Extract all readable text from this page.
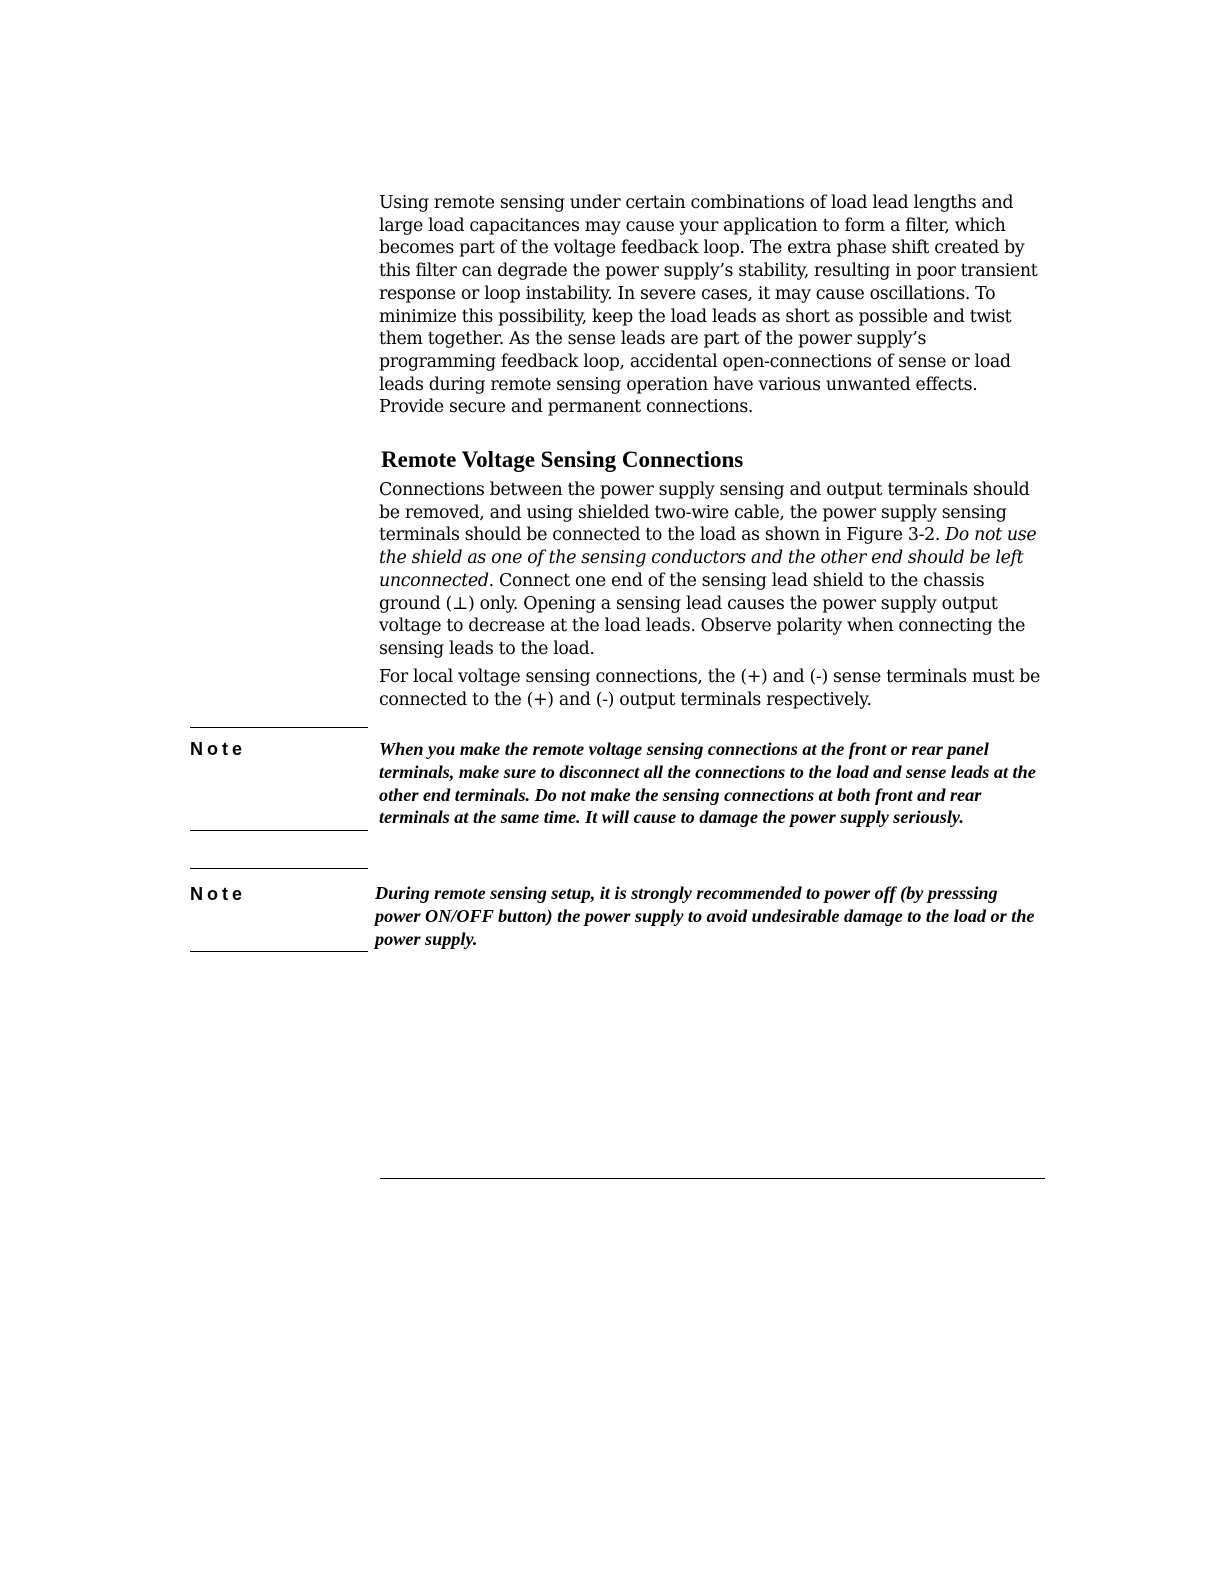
Using remote sensing under certain combinations of load lead lengths and large load capacitances may cause your application to form a filter, which becomes part of the voltage feedback loop. The extra phase shift created by this filter can degrade the power supply’s stability, resulting in poor transient response or loop instability. In severe cases, it may cause oscillations. To minimize this possibility, keep the load leads as short as possible and twist them together. As the sense leads are part of the power supply’s programming feedback loop, accidental open-connections of sense or load leads during remote sensing operation have various unwanted effects. Provide secure and permanent connections.

Remote Voltage Sensing Connections

Connections between the power supply sensing and output terminals should be removed, and using shielded two-wire cable, the power supply sensing terminals should be connected to the load as shown in Figure 3-2. Do not use the shield as one of the sensing conductors and the other end should be left unconnected. Connect one end of the sensing lead shield to the chassis ground (⊥) only. Opening a sensing lead causes the power supply output voltage to decrease at the load leads. Observe polarity when connecting the sensing leads to the load.

For local voltage sensing connections, the (+) and (-) sense terminals must be connected to the (+) and (-) output terminals respectively.

Note	When you make the remote voltage sensing connections at the front or rear panel terminals, make sure to disconnect all the connections to the load and sense leads at the other end terminals. Do not make the sensing connections at both front and rear terminals at the same time. It will cause to damage the power supply seriously.

Note	During remote sensing setup, it is strongly recommended to power off (by presssing power ON/OFF button) the power supply to avoid undesirable damage to the load or the power supply.
